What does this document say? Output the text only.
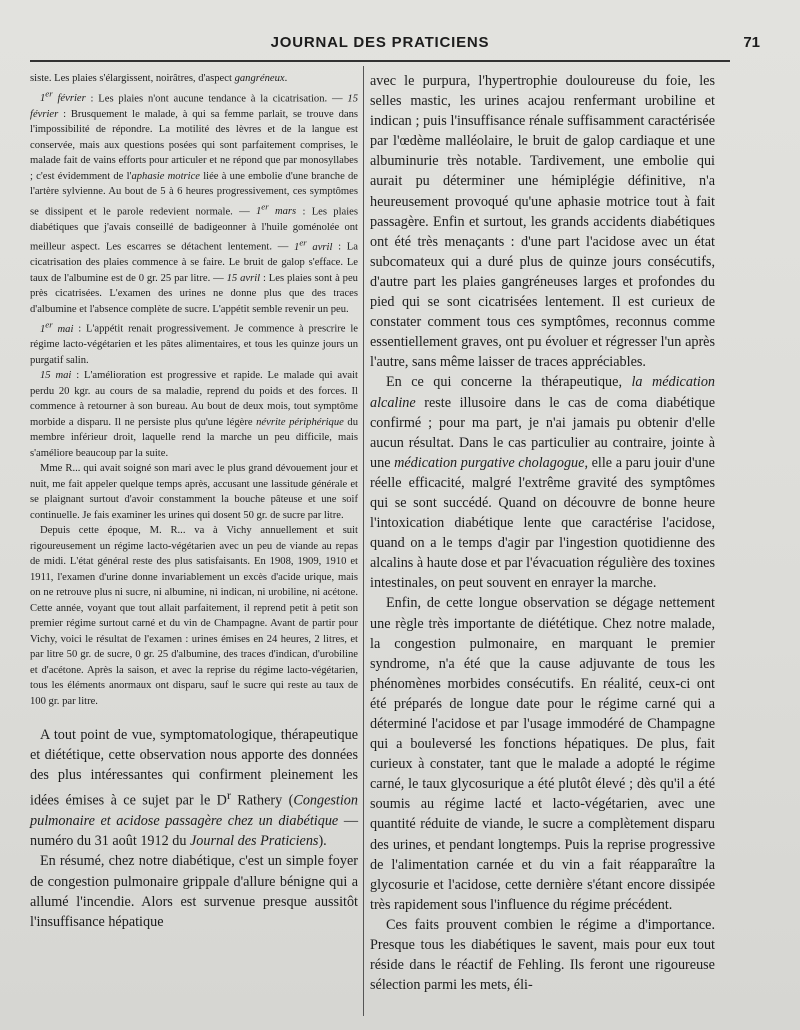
JOURNAL DES PRATICIENS	71

siste. Les plaies s'élargissent, noirâtres, d'aspect gangréneux.

1er février : Les plaies n'ont aucune tendance à la cicatrisation. — 15 février : Brusquement le malade, à qui sa femme parlait, se trouve dans l'impossibilité de répondre. La motilité des lèvres et de la langue est conservée, mais aux questions posées qui sont parfaitement comprises, le malade fait de vains efforts pour articuler et ne répond que par monosyllabes ; c'est évidemment de l'aphasie motrice liée à une embolie d'une branche de l'artère sylvienne. Au bout de 5 à 6 heures progressivement, ces symptômes se dissipent et le parole redevient normale. — 1er mars : Les plaies diabétiques que j'avais conseillé de badigeonner à l'huile goménolée ont meilleur aspect. Les escarres se détachent lentement. — 1er avril : La cicatrisation des plaies commence à se faire. Le bruit de galop s'efface. Le taux de l'albumine est de 0 gr. 25 par litre. — 15 avril : Les plaies sont à peu près cicatrisées. L'examen des urines ne donne plus que des traces d'albumine et l'absence complète de sucre. L'appétit semble revenir un peu.

1er mai : L'appétit renait progressivement. Je commence à prescrire le régime lacto-végétarien et les pâtes alimentaires, et tous les quinze jours un purgatif salin.

15 mai : L'amélioration est progressive et rapide. Le malade qui avait perdu 20 kgr. au cours de sa maladie, reprend du poids et des forces. Il commence à retourner à son bureau. Au bout de deux mois, tout symptôme morbide a disparu. Il ne persiste plus qu'une légère névrite périphérique du membre inférieur droit, laquelle rend la marche un peu difficile, mais s'améliore beaucoup par la suite.

Mme R... qui avait soigné son mari avec le plus grand dévouement jour et nuit, me fait appeler quelque temps après, accusant une lassitude générale et se plaignant surtout d'avoir constamment la bouche pâteuse et une soif continuelle. Je fais examiner les urines qui dosent 50 gr. de sucre par litre.

Depuis cette époque, M. R... va à Vichy annuellement et suit rigoureusement un régime lacto-végétarien avec un peu de viande au repas de midi. L'état général reste des plus satisfaisants. En 1908, 1909, 1910 et 1911, l'examen d'urine donne invariablement un excès d'acide urique, mais on ne retrouve plus ni sucre, ni albumine, ni indican, ni urobiline, ni acétone. Cette année, voyant que tout allait parfaitement, il reprend petit à petit son premier régime surtout carné et du vin de Champagne. Avant de partir pour Vichy, voici le résultat de l'examen : urines émises en 24 heures, 2 litres, et par litre 50 gr. de sucre, 0 gr. 25 d'albumine, des traces d'indican, d'urobiline et d'acétone. Après la saison, et avec la reprise du régime lacto-végétarien, tous les éléments anormaux ont disparu, sauf le sucre qui reste au taux de 100 gr. par litre.

A tout point de vue, symptomatologique, thérapeutique et diététique, cette observation nous apporte des données des plus intéressantes qui confirment pleinement les idées émises à ce sujet par le $D^r$ Rathery (Congestion pulmonaire et acidose passagère chez un diabétique — numéro du 31 août 1912 du Journal des Praticiens).

En résumé, chez notre diabétique, c'est un simple foyer de congestion pulmonaire grippale d'allure bénigne qui a allumé l'incendie. Alors est survenue presque aussitôt l'insuffisance hépatique

avec le purpura, l'hypertrophie douloureuse du foie, les selles mastic, les urines acajou renfermant urobiline et indican ; puis l'insuffisance rénale suffisamment caractérisée par l'œdème malléolaire, le bruit de galop cardiaque et une albuminurie très notable. Tardivement, une embolie qui aurait pu déterminer une hémiplégie définitive, n'a heureusement provoqué qu'une aphasie motrice tout à fait passagère. Enfin et surtout, les grands accidents diabétiques ont été très menaçants : d'une part l'acidose avec un état subcomateux qui a duré plus de quinze jours consécutifs, d'autre part les plaies gangréneuses larges et profondes du pied qui se sont cicatrisées lentement. Il est curieux de constater comment tous ces symptômes, reconnus comme essentiellement graves, ont pu évoluer et régresser l'un après l'autre, sans même laisser de traces appréciables.

En ce qui concerne la thérapeutique, la médication alcaline reste illusoire dans le cas de coma diabétique confirmé ; pour ma part, je n'ai jamais pu obtenir d'elle aucun résultat. Dans le cas particulier au contraire, jointe à une médication purgative cholagogue, elle a paru jouir d'une réelle efficacité, malgré l'extrême gravité des symptômes qui se sont succédé. Quand on découvre de bonne heure l'intoxication diabétique lente que caractérise l'acidose, quand on a le temps d'agir par l'ingestion quotidienne des alcalins à haute dose et par l'évacuation régulière des toxines intestinales, on peut souvent en enrayer la marche.

Enfin, de cette longue observation se dégage nettement une règle très importante de diététique. Chez notre malade, la congestion pulmonaire, en marquant le premier syndrome, n'a été que la cause adjuvante de tous les phénomènes morbides consécutifs. En réalité, ceux-ci ont été préparés de longue date pour le régime carné qui a déterminé l'acidose et par l'usage immodéré de Champagne qui a bouleversé les fonctions hépatiques. De plus, fait curieux à constater, tant que le malade a adopté le régime carné, le taux glycosurique a été plutôt élevé ; dès qu'il a été soumis au régime lacté et lacto-végétarien, avec une quantité réduite de viande, le sucre a complètement disparu des urines, et pendant longtemps. Puis la reprise progressive de l'alimentation carnée et du vin a fait réapparaître la glycosurie et l'acidose, cette dernière s'étant encore dissipée très rapidement sous l'influence du régime précédent.

Ces faits prouvent combien le régime a d'importance. Presque tous les diabétiques le savent, mais pour eux tout réside dans le réactif de Fehling. Ils feront une rigoureuse sélection parmi les mets, éli-
